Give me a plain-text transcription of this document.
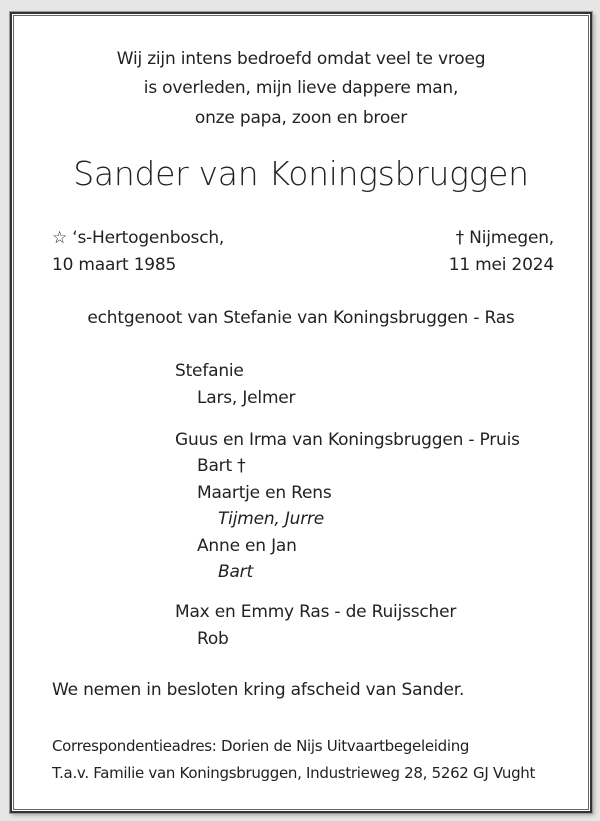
Wij zijn intens bedroefd omdat veel te vroeg
is overleden, mijn lieve dappere man,
onze papa, zoon en broer
Sander van Koningsbruggen
☆ ‘s-Hertogenbosch,
10 maart 1985
† Nijmegen,
11 mei 2024
echtgenoot van Stefanie van Koningsbruggen - Ras
Stefanie
Lars, Jelmer
Guus en Irma van Koningsbruggen - Pruis
Bart †
Maartje en Rens
Tijmen, Jurre
Anne en Jan
Bart
Max en Emmy Ras - de Ruijsscher
Rob
We nemen in besloten kring afscheid van Sander.
Correspondentieadres: Dorien de Nijs Uitvaartbegeleiding
T.a.v. Familie van Koningsbruggen, Industrieweg 28, 5262 GJ Vught
